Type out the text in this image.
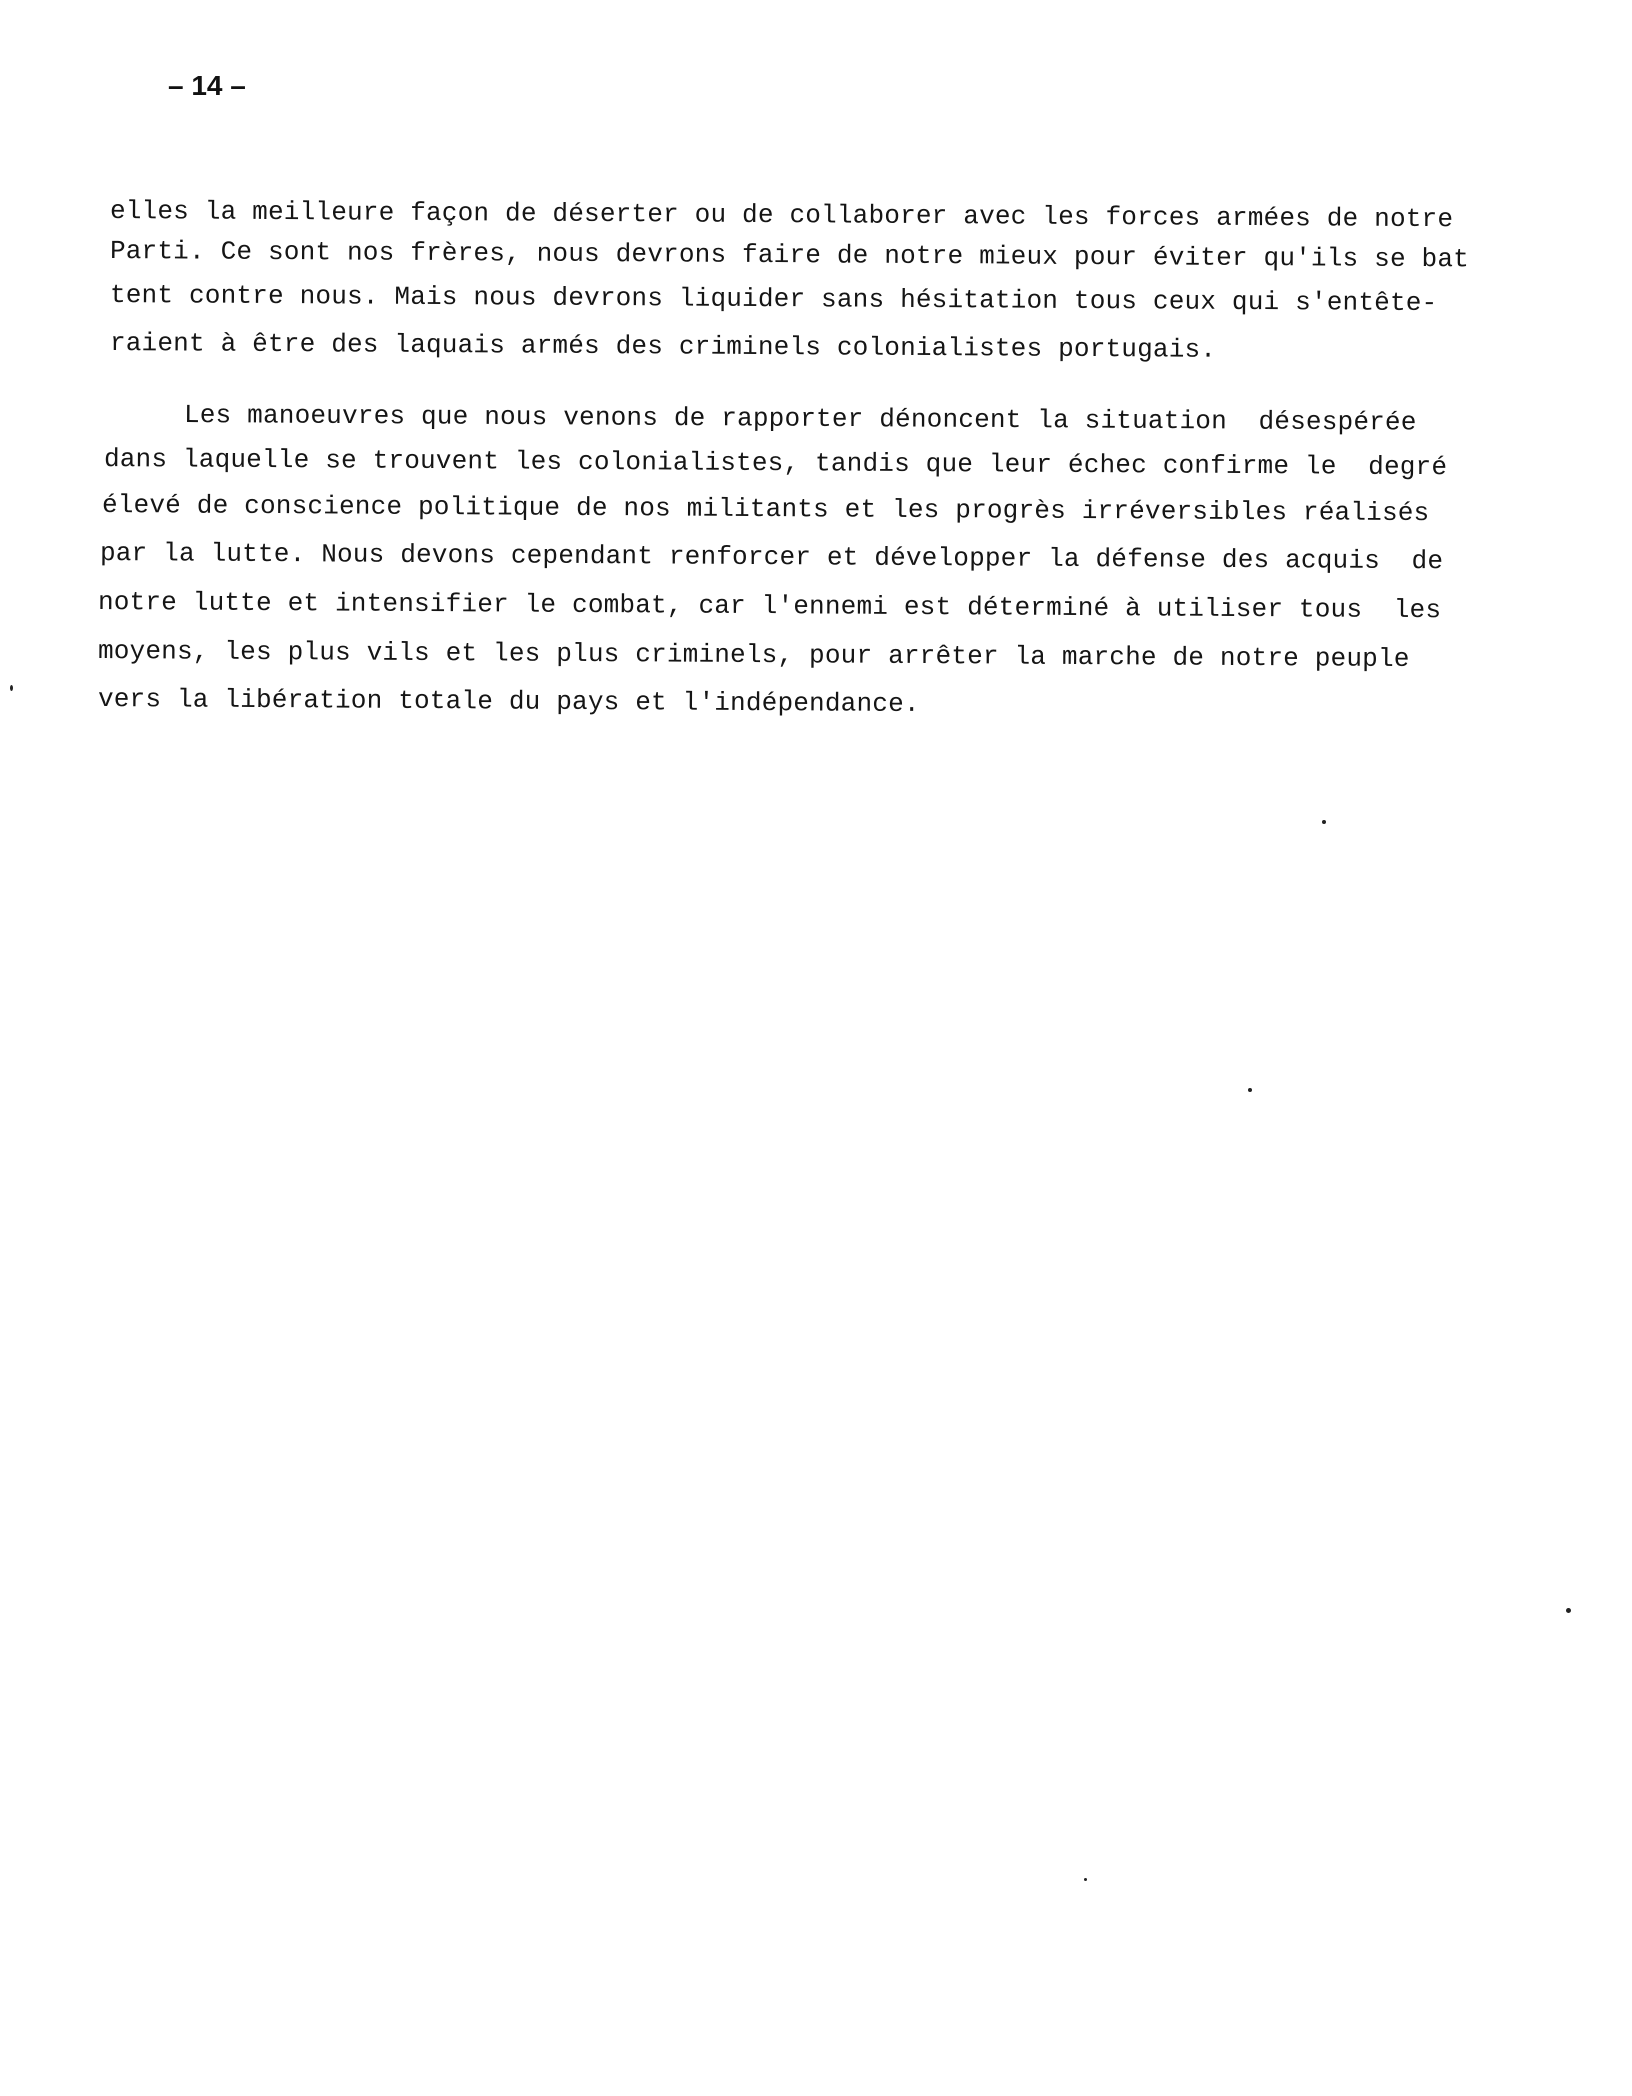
– 14 –
elles la meilleure façon de déserter ou de collaborer avec les forces armées de notre
Parti. Ce sont nos frères, nous devrons faire de notre mieux pour éviter qu'ils se bat
tent contre nous. Mais nous devrons liquider sans hésitation tous ceux qui s'entête-
raient à être des laquais armés des criminels colonialistes portugais.
Les manoeuvres que nous venons de rapporter dénoncent la situation  désespérée
dans laquelle se trouvent les colonialistes, tandis que leur échec confirme le  degré
élevé de conscience politique de nos militants et les progrès irréversibles réalisés
par la lutte. Nous devons cependant renforcer et développer la défense des acquis  de
notre lutte et intensifier le combat, car l'ennemi est déterminé à utiliser tous  les
moyens, les plus vils et les plus criminels, pour arrêter la marche de notre peuple
vers la libération totale du pays et l'indépendance.
